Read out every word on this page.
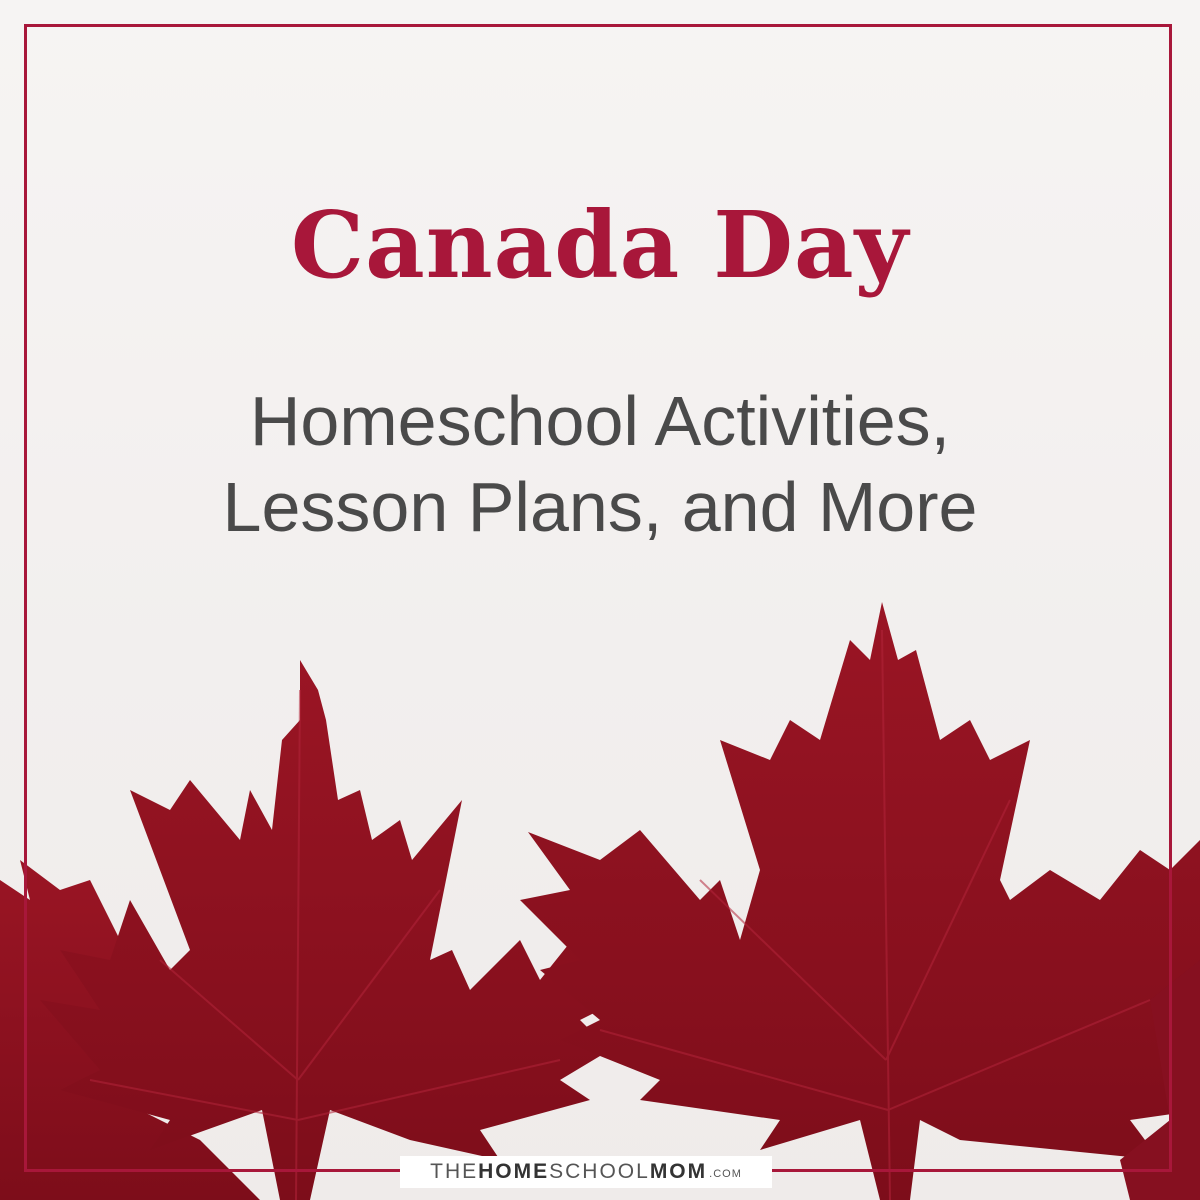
Canada Day
Homeschool Activities,
Lesson Plans, and More
THE HOME SCHOOL MOM .COM
